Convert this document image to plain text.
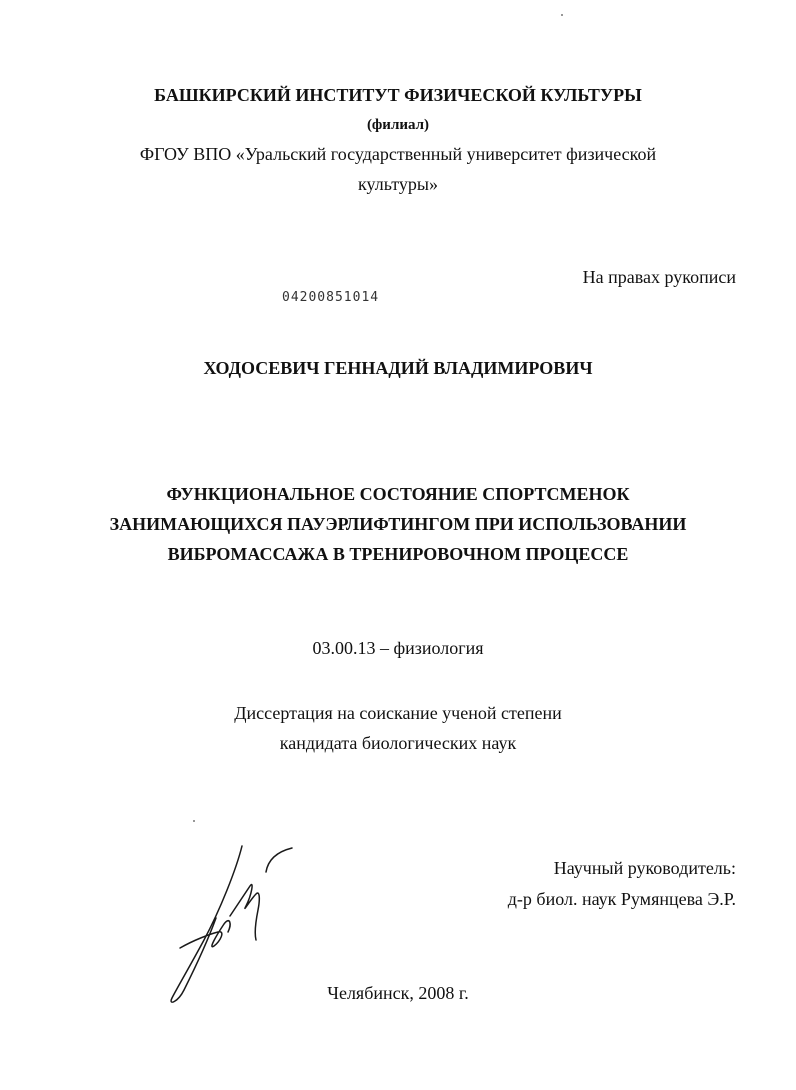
БАШКИРСКИЙ ИНСТИТУТ ФИЗИЧЕСКОЙ КУЛЬТУРЫ
(филиал)
ФГОУ ВПО «Уральский государственный университет физической
культуры»
На правах рукописи
04200851014
ХОДОСЕВИЧ ГЕННАДИЙ ВЛАДИМИРОВИЧ
ФУНКЦИОНАЛЬНОЕ СОСТОЯНИЕ СПОРТСМЕНОК
ЗАНИМАЮЩИХСЯ ПАУЭРЛИФТИНГОМ ПРИ ИСПОЛЬЗОВАНИИ
ВИБРОМАССАЖА В ТРЕНИРОВОЧНОМ ПРОЦЕССЕ
03.00.13 – физиология
Диссертация на соискание ученой степени
кандидата биологических наук
Научный руководитель:
д-р биол. наук Румянцева Э.Р.
Челябинск, 2008 г.
